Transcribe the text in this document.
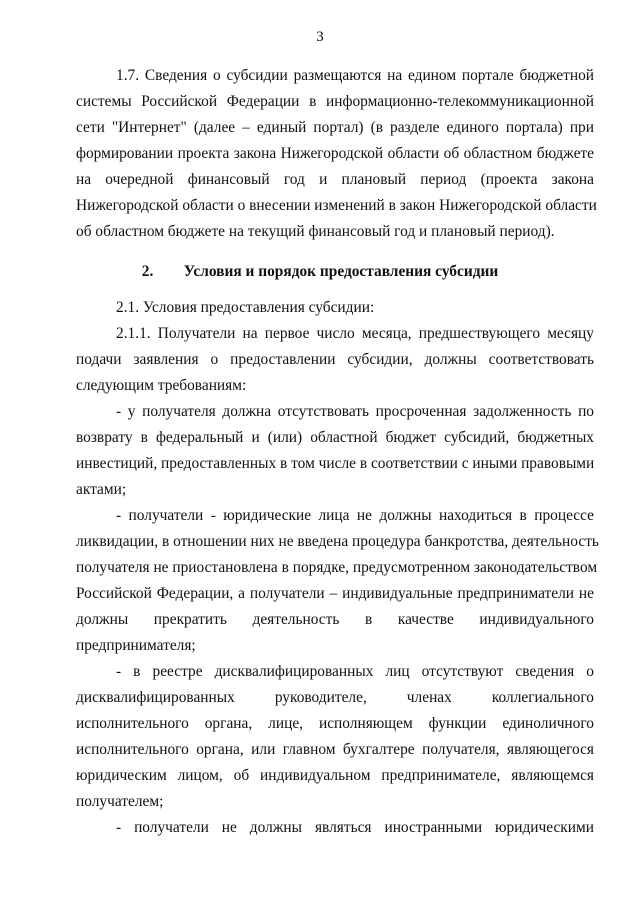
3
1.7. Сведения о субсидии размещаются на едином портале бюджетной
системы Российской Федерации в информационно-телекоммуникационной
сети "Интернет" (далее – единый портал) (в разделе единого портала) при
формировании проекта закона Нижегородской области об областном бюджете
на очередной финансовый год и плановый период (проекта закона
Нижегородской области о внесении изменений в закон Нижегородской области
об областном бюджете на текущий финансовый год и плановый период).
2.1. Условия предоставления субсидии:
2.1.1. Получатели на первое число месяца, предшествующего месяцу
подачи заявления о предоставлении субсидии, должны соответствовать
следующим требованиям:
- у получателя должна отсутствовать просроченная задолженность по
возврату в федеральный и (или) областной бюджет субсидий, бюджетных
инвестиций, предоставленных в том числе в соответствии с иными правовыми
актами;
- получатели - юридические лица не должны находиться в процессе
ликвидации, в отношении них не введена процедура банкротства, деятельность
получателя не приостановлена в порядке, предусмотренном законодательством
Российской Федерации, а получатели – индивидуальные предприниматели не
должны прекратить деятельность в качестве индивидуального
предпринимателя;
- в реестре дисквалифицированных лиц отсутствуют сведения о
дисквалифицированных руководителе, членах коллегиального
исполнительного органа, лице, исполняющем функции единоличного
исполнительного органа, или главном бухгалтере получателя, являющегося
юридическим лицом, об индивидуальном предпринимателе, являющемся
получателем;
- получатели не должны являться иностранными юридическими
2. Условия и порядок предоставления субсидии
